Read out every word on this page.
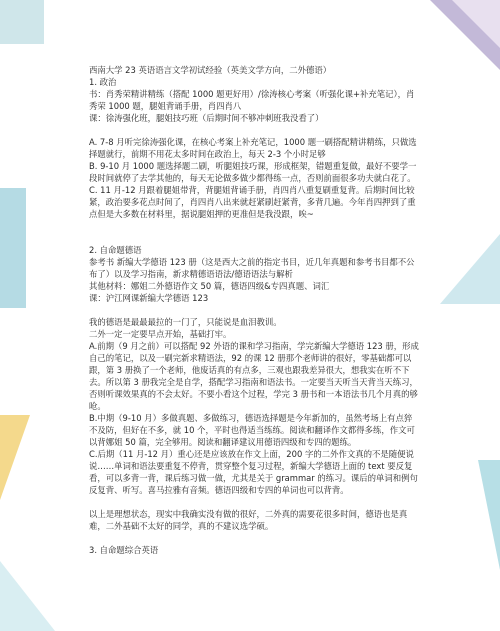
西南大学 23 英语语言文学初试经验（英美文学方向，二外德语）

1. 政治

书：肖秀荣精讲精练（搭配 1000 题更好用）/徐涛核心考案（听强化课+补充笔记），肖秀荣 1000 题，腿姐背诵手册，肖四肖八

课：徐涛强化班，腿姐技巧班（后期时间不够冲刺班我没看了）

A. 7-8 月听完徐涛强化课，在核心考案上补充笔记，1000 题一刷搭配精讲精练，只做选择题就行，前期不用花太多时间在政治上，每天 2-3 个小时足够

B. 9-10 月 1000 题选择题二刷，听腿姐技巧课，形成框架，错题重复做，最好不要学一段时间就停了去学其他的，每天无论做多做少都得练一点，否则前面很多功夫就白花了。

C. 11 月-12 月跟着腿姐带背，背腿姐背诵手册，肖四肖八重复刷重复背。后期时间比较紧，政治要多花点时间了，肖四肖八出来就赶紧刷赶紧背，多背几遍。今年肖四押到了重点但是大多数在材料里，据说腿姐押的更准但是我没跟，唉~

2. 自命题德语

参考书 新编大学德语 123 册（这是西大之前的指定书目，近几年真题和参考书目都不公布了）以及学习指南，新求精德语语法/德语语法与解析

其他材料：娜姐二外德语作文 50 篇，德语四级&专四真题、词汇

课：沪江网课新编大学德语 123

我的德语是最最最拉的一门了，只能说是血泪教训。

二外一定一定要早点开始，基础打牢。

A.前期（9 月之前）可以搭配 92 外语的课和学习指南，学完新编大学德语 123 册，形成自己的笔记，以及一刷完新求精语法，92 的课 12 册那个老师讲的很好，零基础都可以跟，第 3 册换了一个老师，他废话真的有点多，三观也跟我差异很大，想我实在听不下去。所以第 3 册我完全是自学，搭配学习指南和语法书。一定要当天听当天背当天练习，否则听课效果真的不会太好。不要小看这个过程，学完 3 册书和一本语法书几个月真的够呛。

B.中期（9-10 月）多做真题、多做练习，德语选择题是今年新加的，虽然考场上有点猝不及防，但好在不多，就 10 个，平时也得适当练练。阅读和翻译作文都得多练，作文可以背娜姐 50 篇，完全够用。阅读和翻译建议用德语四级和专四的题练。

C.后期（11 月-12 月）重心还是应该放在作文上面，200 字的二外作文真的不是随便说说……单词和语法要重复不停背，贯穿整个复习过程，新编大学德语上面的 text 要反复看，可以多背一背，课后练习做一做，尤其是关于 grammar 的练习。课后的单词和例句反复背、听写。喜马拉雅有音频。德语四级和专四的单词也可以背背。

以上是理想状态，现实中我确实没有做的很好，二外真的需要花很多时间，德语也是真难，二外基础不太好的同学，真的不建议选学硕。

3. 自命题综合英语
